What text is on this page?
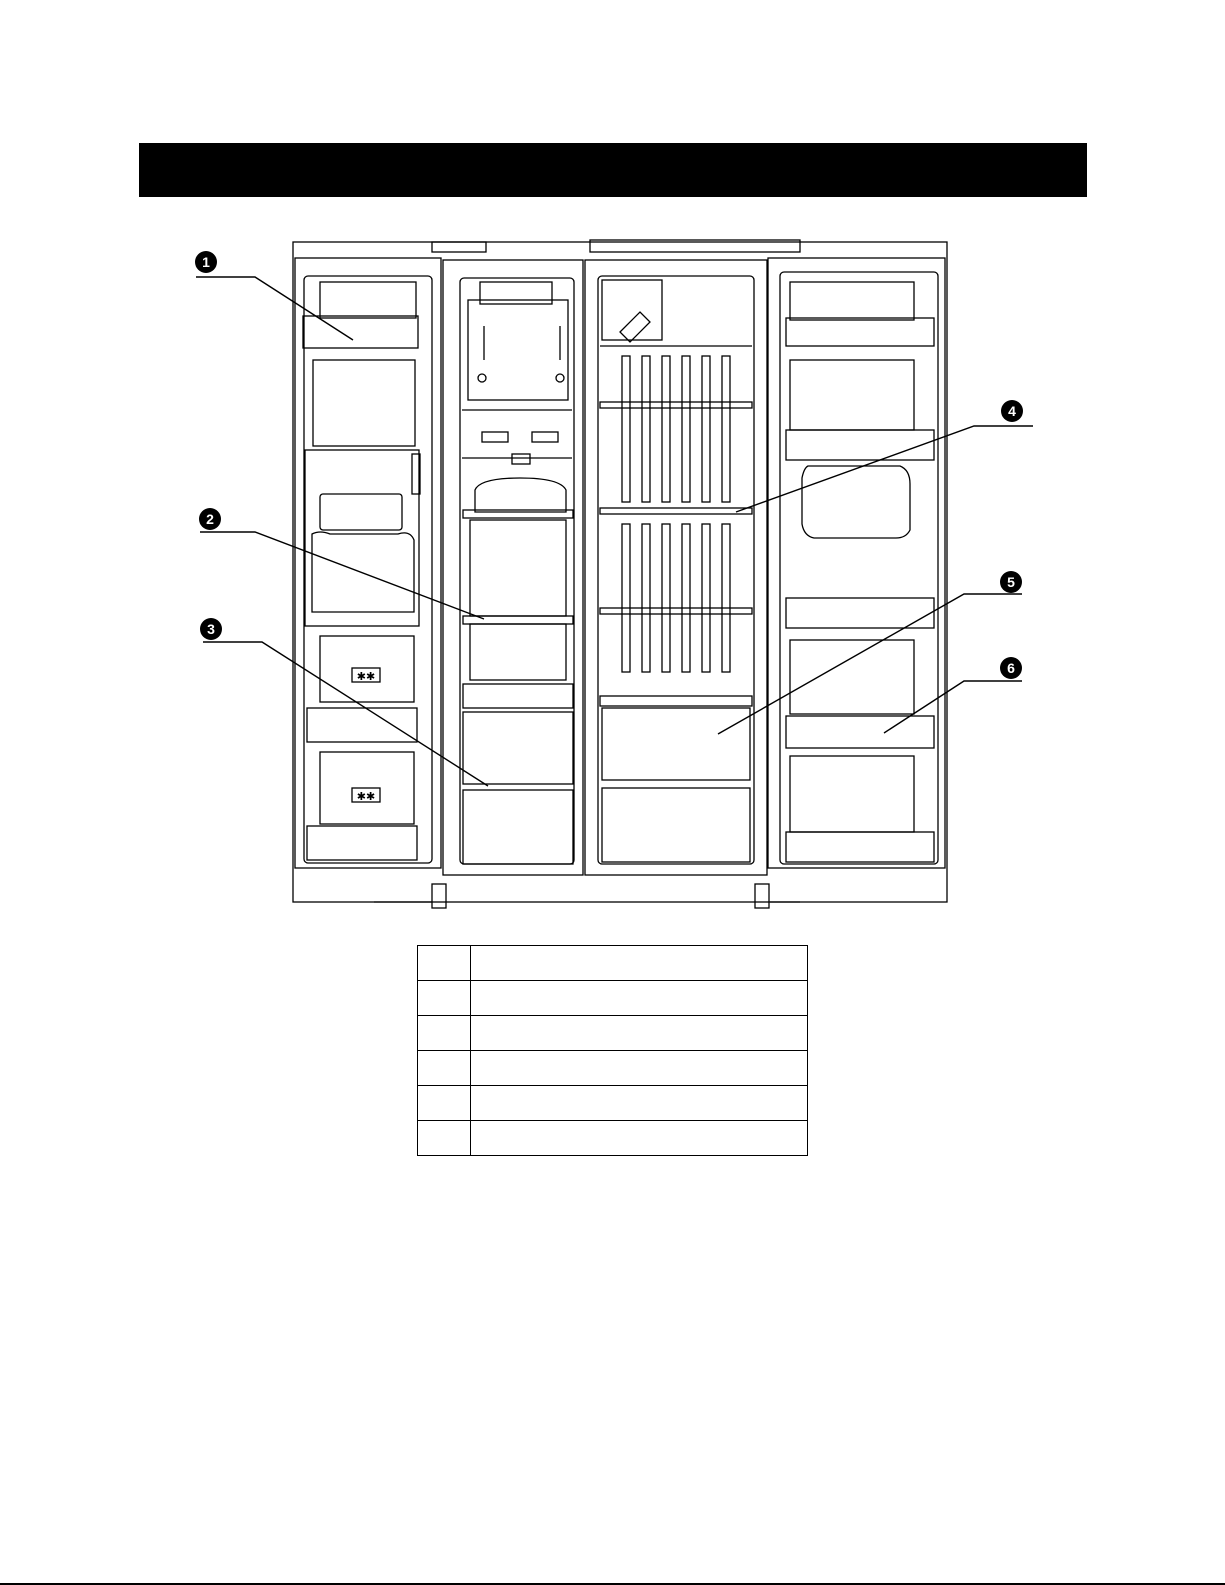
✱✱
✱✱
1
2
3
4
5
6
